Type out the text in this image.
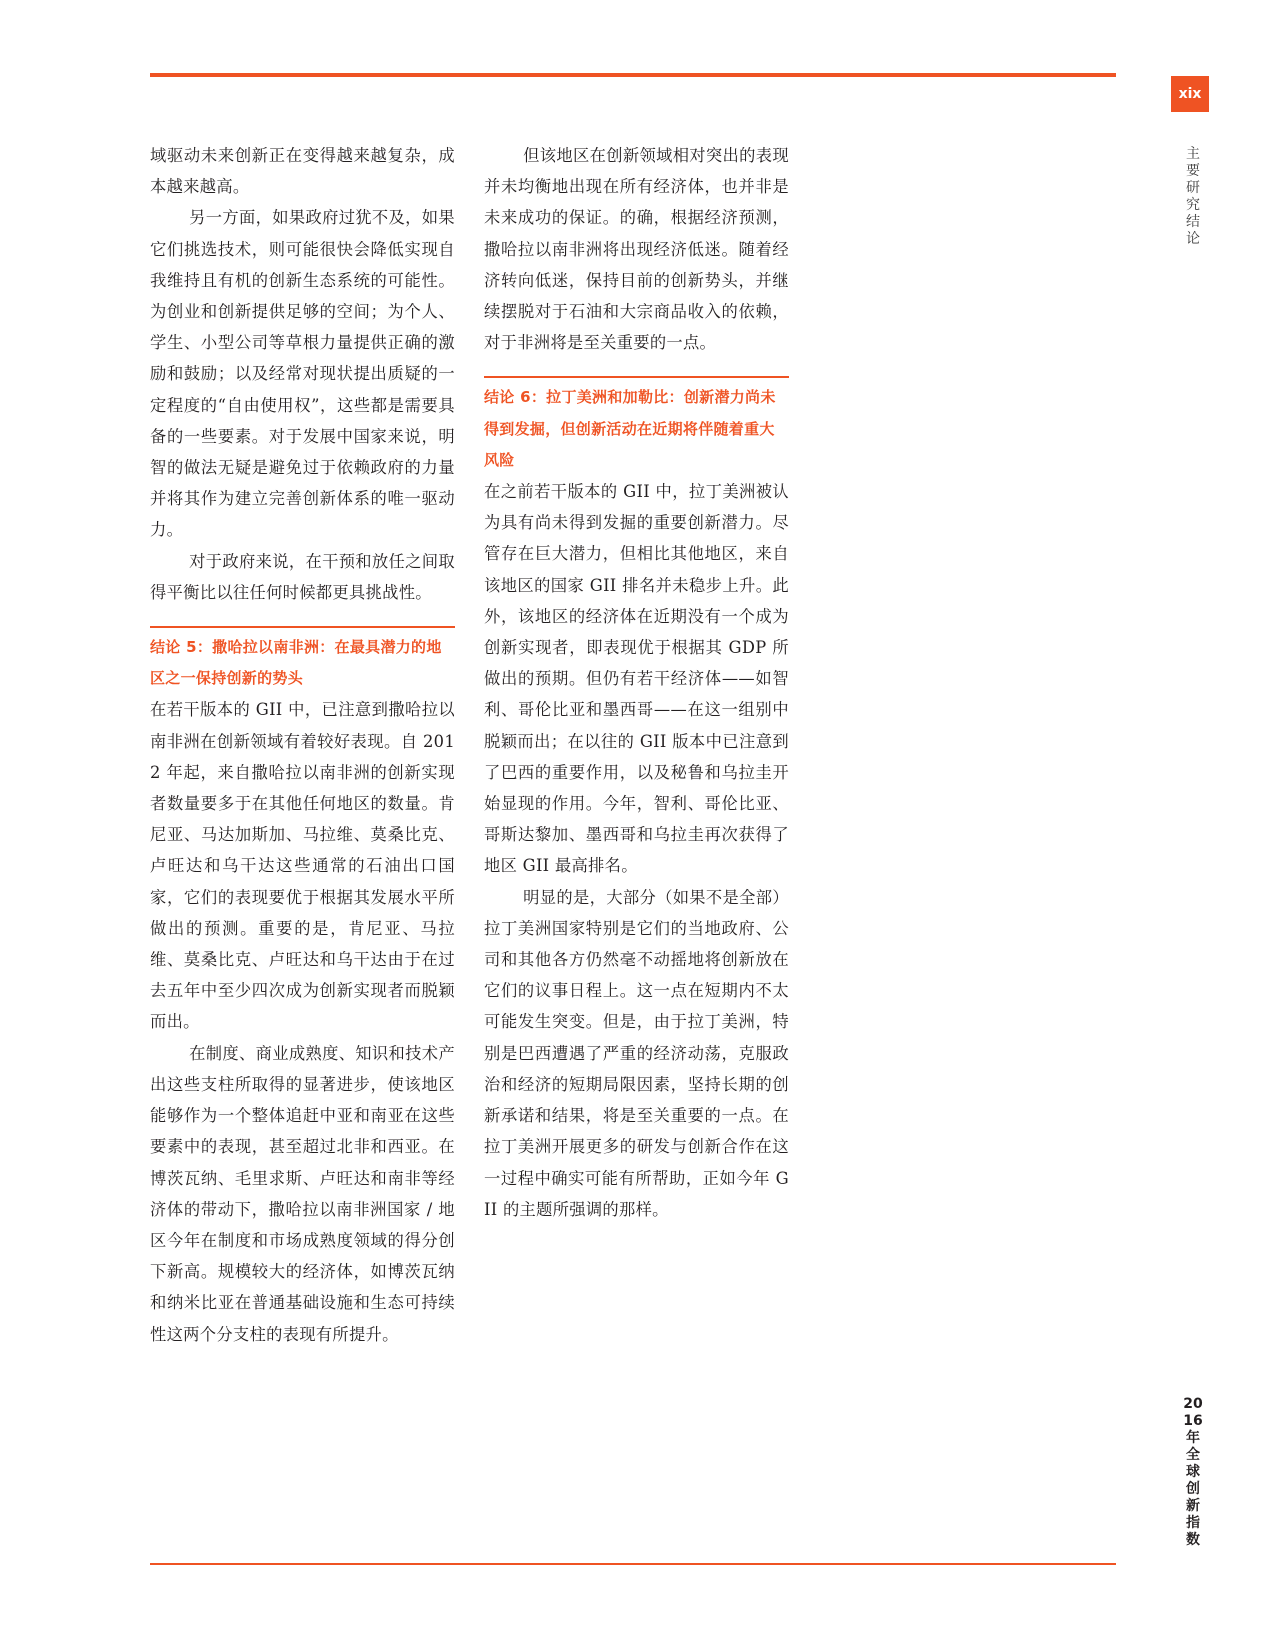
xix
主要研究结论

域驱动未来创新正在变得越来越复杂，成本越来越高。

另一方面，如果政府过犹不及，如果它们挑选技术，则可能很快会降低实现自我维持且有机的创新生态系统的可能性。为创业和创新提供足够的空间；为个人、学生、小型公司等草根力量提供正确的激励和鼓励；以及经常对现状提出质疑的一定程度的“自由使用权”，这些都是需要具备的一些要素。对于发展中国家来说，明智的做法无疑是避免过于依赖政府的力量并将其作为建立完善创新体系的唯一驱动力。

对于政府来说，在干预和放任之间取得平衡比以往任何时候都更具挑战性。

结论 5：撒哈拉以南非洲：在最具潜力的地区之一保持创新的势头

在若干版本的 GII 中，已注意到撒哈拉以南非洲在创新领域有着较好表现。自 2012 年起，来自撒哈拉以南非洲的创新实现者数量要多于在其他任何地区的数量。肯尼亚、马达加斯加、马拉维、莫桑比克、卢旺达和乌干达这些通常的石油出口国家，它们的表现要优于根据其发展水平所做出的预测。重要的是，肯尼亚、马拉维、莫桑比克、卢旺达和乌干达由于在过去五年中至少四次成为创新实现者而脱颖而出。

在制度、商业成熟度、知识和技术产出这些支柱所取得的显著进步，使该地区能够作为一个整体追赶中亚和南亚在这些要素中的表现，甚至超过北非和西亚。在博茨瓦纳、毛里求斯、卢旺达和南非等经济体的带动下，撒哈拉以南非洲国家 / 地区今年在制度和市场成熟度领域的得分创下新高。规模较大的经济体，如博茨瓦纳和纳米比亚在普通基础设施和生态可持续性这两个分支柱的表现有所提升。

但该地区在创新领域相对突出的表现并未均衡地出现在所有经济体，也并非是未来成功的保证。的确，根据经济预测，撒哈拉以南非洲将出现经济低迷。随着经济转向低迷，保持目前的创新势头，并继续摆脱对于石油和大宗商品收入的依赖，对于非洲将是至关重要的一点。

结论 6：拉丁美洲和加勒比：创新潜力尚未得到发掘，但创新活动在近期将伴随着重大风险

在之前若干版本的 GII 中，拉丁美洲被认为具有尚未得到发掘的重要创新潜力。尽管存在巨大潜力，但相比其他地区，来自该地区的国家 GII 排名并未稳步上升。此外，该地区的经济体在近期没有一个成为创新实现者，即表现优于根据其 GDP 所做出的预期。但仍有若干经济体——如智利、哥伦比亚和墨西哥——在这一组别中脱颖而出；在以往的 GII 版本中已注意到了巴西的重要作用，以及秘鲁和乌拉圭开始显现的作用。今年，智利、哥伦比亚、哥斯达黎加、墨西哥和乌拉圭再次获得了地区 GII 最高排名。

明显的是，大部分（如果不是全部）拉丁美洲国家特别是它们的当地政府、公司和其他各方仍然毫不动摇地将创新放在它们的议事日程上。这一点在短期内不太可能发生突变。但是，由于拉丁美洲，特别是巴西遭遇了严重的经济动荡，克服政治和经济的短期局限因素，坚持长期的创新承诺和结果，将是至关重要的一点。在拉丁美洲开展更多的研发与创新合作在这一过程中确实可能有所帮助，正如今年 GII 的主题所强调的那样。

2016年全球创新指数
